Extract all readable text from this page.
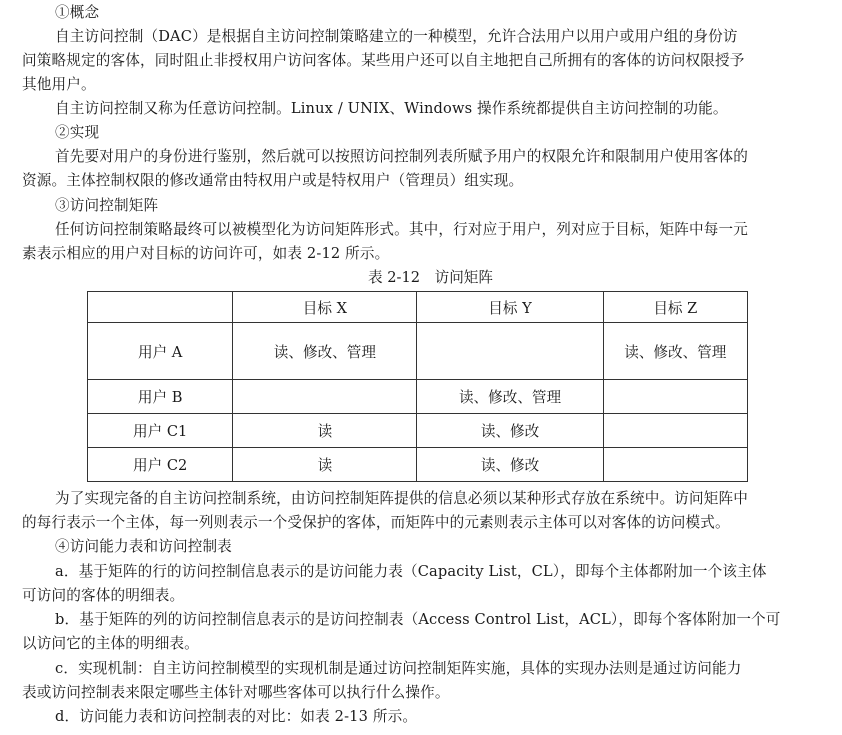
①概念
自主访问控制（DAC）是根据自主访问控制策略建立的一种模型，允许合法用户以用户或用户组的身份访
问策略规定的客体，同时阻止非授权用户访问客体。某些用户还可以自主地把自己所拥有的客体的访问权限授予
其他用户。
自主访问控制又称为任意访问控制。Linux / UNIX、Windows 操作系统都提供自主访问控制的功能。
②实现
首先要对用户的身份进行鉴别，然后就可以按照访问控制列表所赋予用户的权限允许和限制用户使用客体的
资源。主体控制权限的修改通常由特权用户或是特权用户（管理员）组实现。
③访问控制矩阵
任何访问控制策略最终可以被模型化为访问矩阵形式。其中，行对应于用户，列对应于目标，矩阵中每一元
素表示相应的用户对目标的访问许可，如表 2-12 所示。
表 2-12　访问矩阵
	目标 X	目标 Y	目标 Z
用户 A	读、修改、管理		读、修改、管理
用户 B		读、修改、管理	
用户 C1	读	读、修改	
用户 C2	读	读、修改	
为了实现完备的自主访问控制系统，由访问控制矩阵提供的信息必须以某种形式存放在系统中。访问矩阵中
的每行表示一个主体，每一列则表示一个受保护的客体，而矩阵中的元素则表示主体可以对客体的访问模式。
④访问能力表和访问控制表
a．基于矩阵的行的访问控制信息表示的是访问能力表（Capacity List，CL），即每个主体都附加一个该主体
可访问的客体的明细表。
b．基于矩阵的列的访问控制信息表示的是访问控制表（Access Control List，ACL），即每个客体附加一个可
以访问它的主体的明细表。
c．实现机制：自主访问控制模型的实现机制是通过访问控制矩阵实施，具体的实现办法则是通过访问能力
表或访问控制表来限定哪些主体针对哪些客体可以执行什么操作。
d．访问能力表和访问控制表的对比：如表 2-13 所示。
